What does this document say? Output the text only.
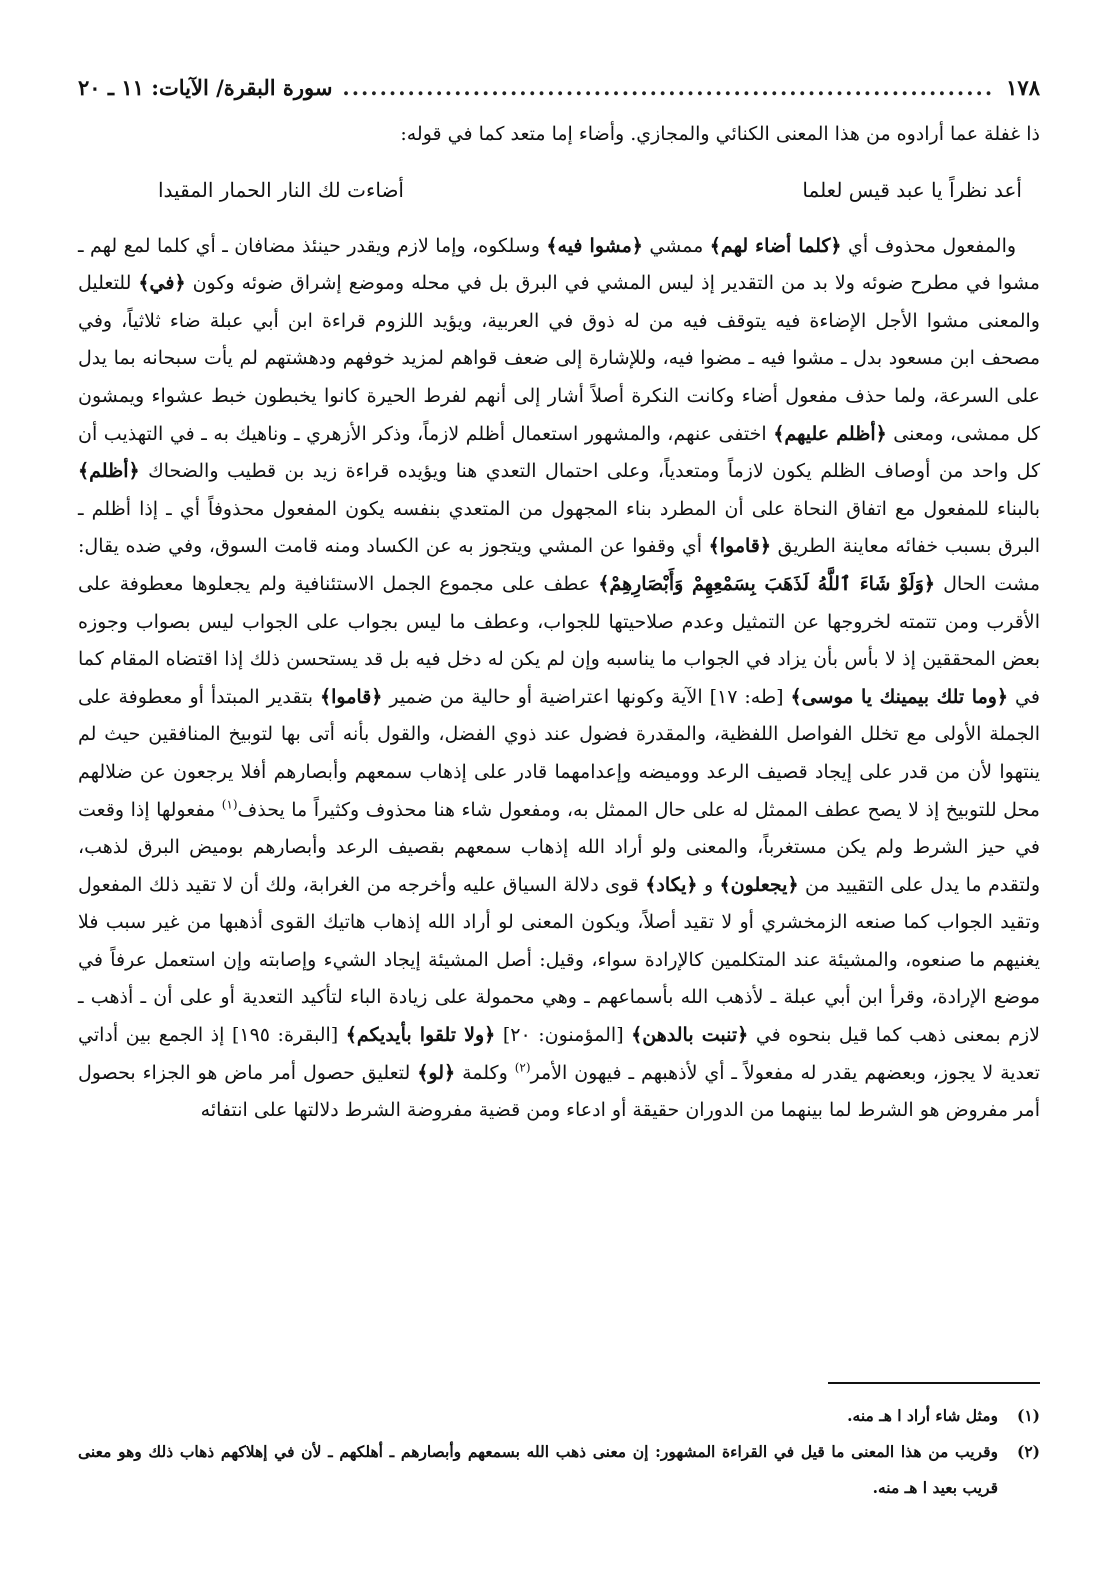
١٧٨
.....
سورة البقرة/ الآيات: ١١ ـ ٢٠

ذا غفلة عما أرادوه من هذا المعنى الكنائي والمجازي. وأضاء إما متعد كما في قوله:

أعد نظراً يا عبد قيس لعلما
أضاءت لك النار الحمار المقيدا

والمفعول محذوف أي ﴿كلما أضاء لهم﴾ ممشي ﴿مشوا فيه﴾ وسلكوه، وإما لازم ويقدر حينئذ مضافان ـ أي كلما لمع لهم ـ مشوا في مطرح ضوئه ولا بد من التقدير إذ ليس المشي في البرق بل في محله وموضع إشراق ضوئه وكون ﴿في﴾ للتعليل والمعنى مشوا الأجل الإضاءة فيه يتوقف فيه من له ذوق في العربية، ويؤيد اللزوم قراءة ابن أبي عبلة ضاء ثلاثياً، وفي مصحف ابن مسعود بدل ـ مشوا فيه ـ مضوا فيه، وللإشارة إلى ضعف قواهم لمزيد خوفهم ودهشتهم لم يأت سبحانه بما يدل على السرعة، ولما حذف مفعول أضاء وكانت النكرة أصلاً أشار إلى أنهم لفرط الحيرة كانوا يخبطون خبط عشواء ويمشون كل ممشى، ومعنى ﴿أظلم عليهم﴾ اختفى عنهم، والمشهور استعمال أظلم لازماً، وذكر الأزهري ـ وناهيك به ـ في التهذيب أن كل واحد من أوصاف الظلم يكون لازماً ومتعدياً، وعلى احتمال التعدي هنا ويؤيده قراءة زيد بن قطيب والضحاك ﴿أظلم﴾ بالبناء للمفعول مع اتفاق النحاة على أن المطرد بناء المجهول من المتعدي بنفسه يكون المفعول محذوفاً أي ـ إذا أظلم ـ البرق بسبب خفائه معاينة الطريق ﴿قاموا﴾ أي وقفوا عن المشي ويتجوز به عن الكساد ومنه قامت السوق، وفي ضده يقال: مشت الحال ﴿وَلَوْ شَاءَ ٱللَّهُ لَذَهَبَ بِسَمْعِهِمْ وَأَبْصَارِهِمْ﴾ عطف على مجموع الجمل الاستئنافية ولم يجعلوها معطوفة على الأقرب ومن تتمته لخروجها عن التمثيل وعدم صلاحيتها للجواب، وعطف ما ليس بجواب على الجواب ليس بصواب وجوزه بعض المحققين إذ لا بأس بأن يزاد في الجواب ما يناسبه وإن لم يكن له دخل فيه بل قد يستحسن ذلك إذا اقتضاه المقام كما في ﴿وما تلك بيمينك يا موسى﴾ [طه: ١٧] الآية وكونها اعتراضية أو حالية من ضمير ﴿قاموا﴾ بتقدير المبتدأ أو معطوفة على الجملة الأولى مع تخلل الفواصل اللفظية، والمقدرة فضول عند ذوي الفضل، والقول بأنه أتى بها لتوبيخ المنافقين حيث لم ينتهوا لأن من قدر على إيجاد قصيف الرعد ووميضه وإعدامهما قادر على إذهاب سمعهم وأبصارهم أفلا يرجعون عن ضلالهم محل للتوبيخ إذ لا يصح عطف الممثل له على حال الممثل به، ومفعول شاء هنا محذوف وكثيراً ما يحذف$^{(١)}$ مفعولها إذا وقعت في حيز الشرط ولم يكن مستغرباً، والمعنى ولو أراد الله إذهاب سمعهم بقصيف الرعد وأبصارهم بوميض البرق لذهب، ولتقدم ما يدل على التقييد من ﴿يجعلون﴾ و ﴿يكاد﴾ قوى دلالة السياق عليه وأخرجه من الغرابة، ولك أن لا تقيد ذلك المفعول وتقيد الجواب كما صنعه الزمخشري أو لا تقيد أصلاً، ويكون المعنى لو أراد الله إذهاب هاتيك القوى أذهبها من غير سبب فلا يغنيهم ما صنعوه، والمشيئة عند المتكلمين كالإرادة سواء، وقيل: أصل المشيئة إيجاد الشيء وإصابته وإن استعمل عرفاً في موضع الإرادة، وقرأ ابن أبي عبلة ـ لأذهب الله بأسماعهم ـ وهي محمولة على زيادة الباء لتأكيد التعدية أو على أن ـ أذهب ـ لازم بمعنى ذهب كما قيل بنحوه في ﴿تنبت بالدهن﴾ [المؤمنون: ٢٠] ﴿ولا تلقوا بأيديكم﴾ [البقرة: ١٩٥] إذ الجمع بين أداتي تعدية لا يجوز، وبعضهم يقدر له مفعولاً ـ أي لأذهبهم ـ فيهون الأمر$^{(٢)}$ وكلمة ﴿لو﴾ لتعليق حصول أمر ماض هو الجزاء بحصول أمر مفروض هو الشرط لما بينهما من الدوران حقيقة أو ادعاء ومن قضية مفروضة الشرط دلالتها على انتفائه

(١)
ومثل شاء أراد ا هـ منه.
(٢)
وقريب من هذا المعنى ما قيل في القراءة المشهور: إن معنى ذهب الله بسمعهم وأبصارهم ـ أهلكهم ـ لأن في إهلاكهم ذهاب ذلك وهو معنى قريب بعيد ا هـ منه.
